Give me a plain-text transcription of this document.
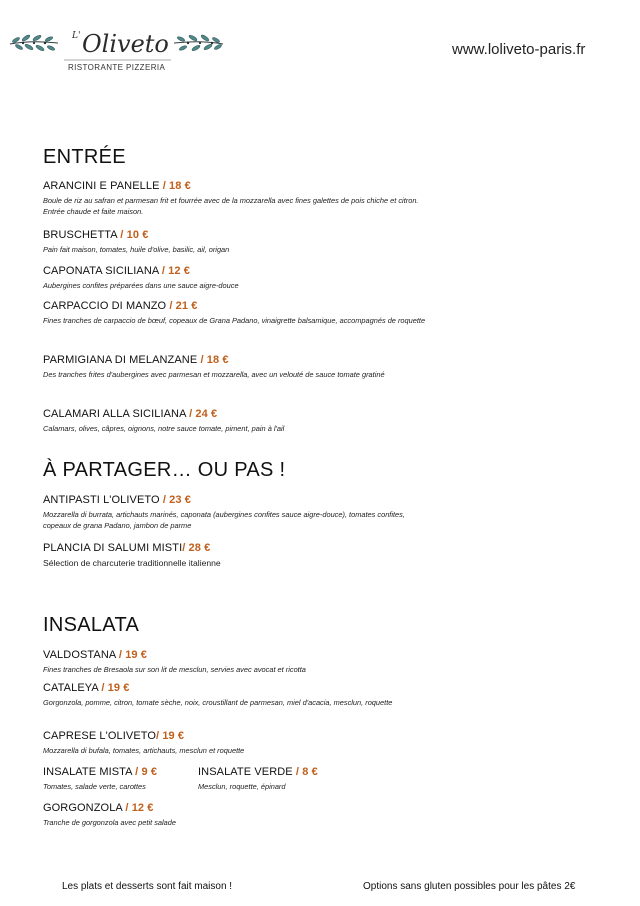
L' Oliveto
RISTORANTE PIZZERIA
www.loliveto-paris.fr
ENTRÉE
ARANCINI E PANELLE / 18 €
Boule de riz au safran et parmesan frit et fourrée avec de la mozzarella avec fines galettes de pois chiche et citron. Entrée chaude et faite maison.
BRUSCHETTA / 10 €
Pain fait maison, tomates, huile d'olive, basilic, ail, origan
CAPONATA SICILIANA / 12 €
Aubergines confites préparées dans une sauce aigre-douce
CARPACCIO DI MANZO / 21 €
Fines tranches de carpaccio de bœuf, copeaux de Grana Padano, vinaigrette balsamique, accompagnés de roquette
PARMIGIANA DI MELANZANE / 18 €
Des tranches frites d'aubergines avec parmesan et mozzarella, avec un velouté de sauce tomate gratiné
CALAMARI ALLA SICILIANA / 24 €
Calamars, olives, câpres, oignons, notre sauce tomate, piment, pain à l'ail
À PARTAGER… OU PAS !
ANTIPASTI L'OLIVETO / 23 €
Mozzarella di burrata, artichauts marinés, caponata (aubergines confites sauce aigre-douce), tomates confites, copeaux de grana Padano, jambon de parme
PLANCIA DI SALUMI MISTI/ 28 €
Sélection de charcuterie traditionnelle italienne
INSALATA
VALDOSTANA / 19 €
Fines tranches de Bresaola sur son lit de mesclun, servies avec avocat et ricotta
CATALEYA / 19 €
Gorgonzola, pomme, citron, tomate sèche, noix, croustillant de parmesan, miel d'acacia, mesclun, roquette
CAPRESE L'OLIVETO/ 19 €
Mozzarella di bufala, tomates, artichauts, mesclun et roquette
INSALATE MISTA / 9 €
Tomates, salade verte, carottes
INSALATE VERDE / 8 €
Mesclun, roquette, épinard
GORGONZOLA / 12 €
Tranche de gorgonzola avec petit salade
Les plats et desserts sont fait maison !	Options sans gluten possibles pour les pâtes 2€
